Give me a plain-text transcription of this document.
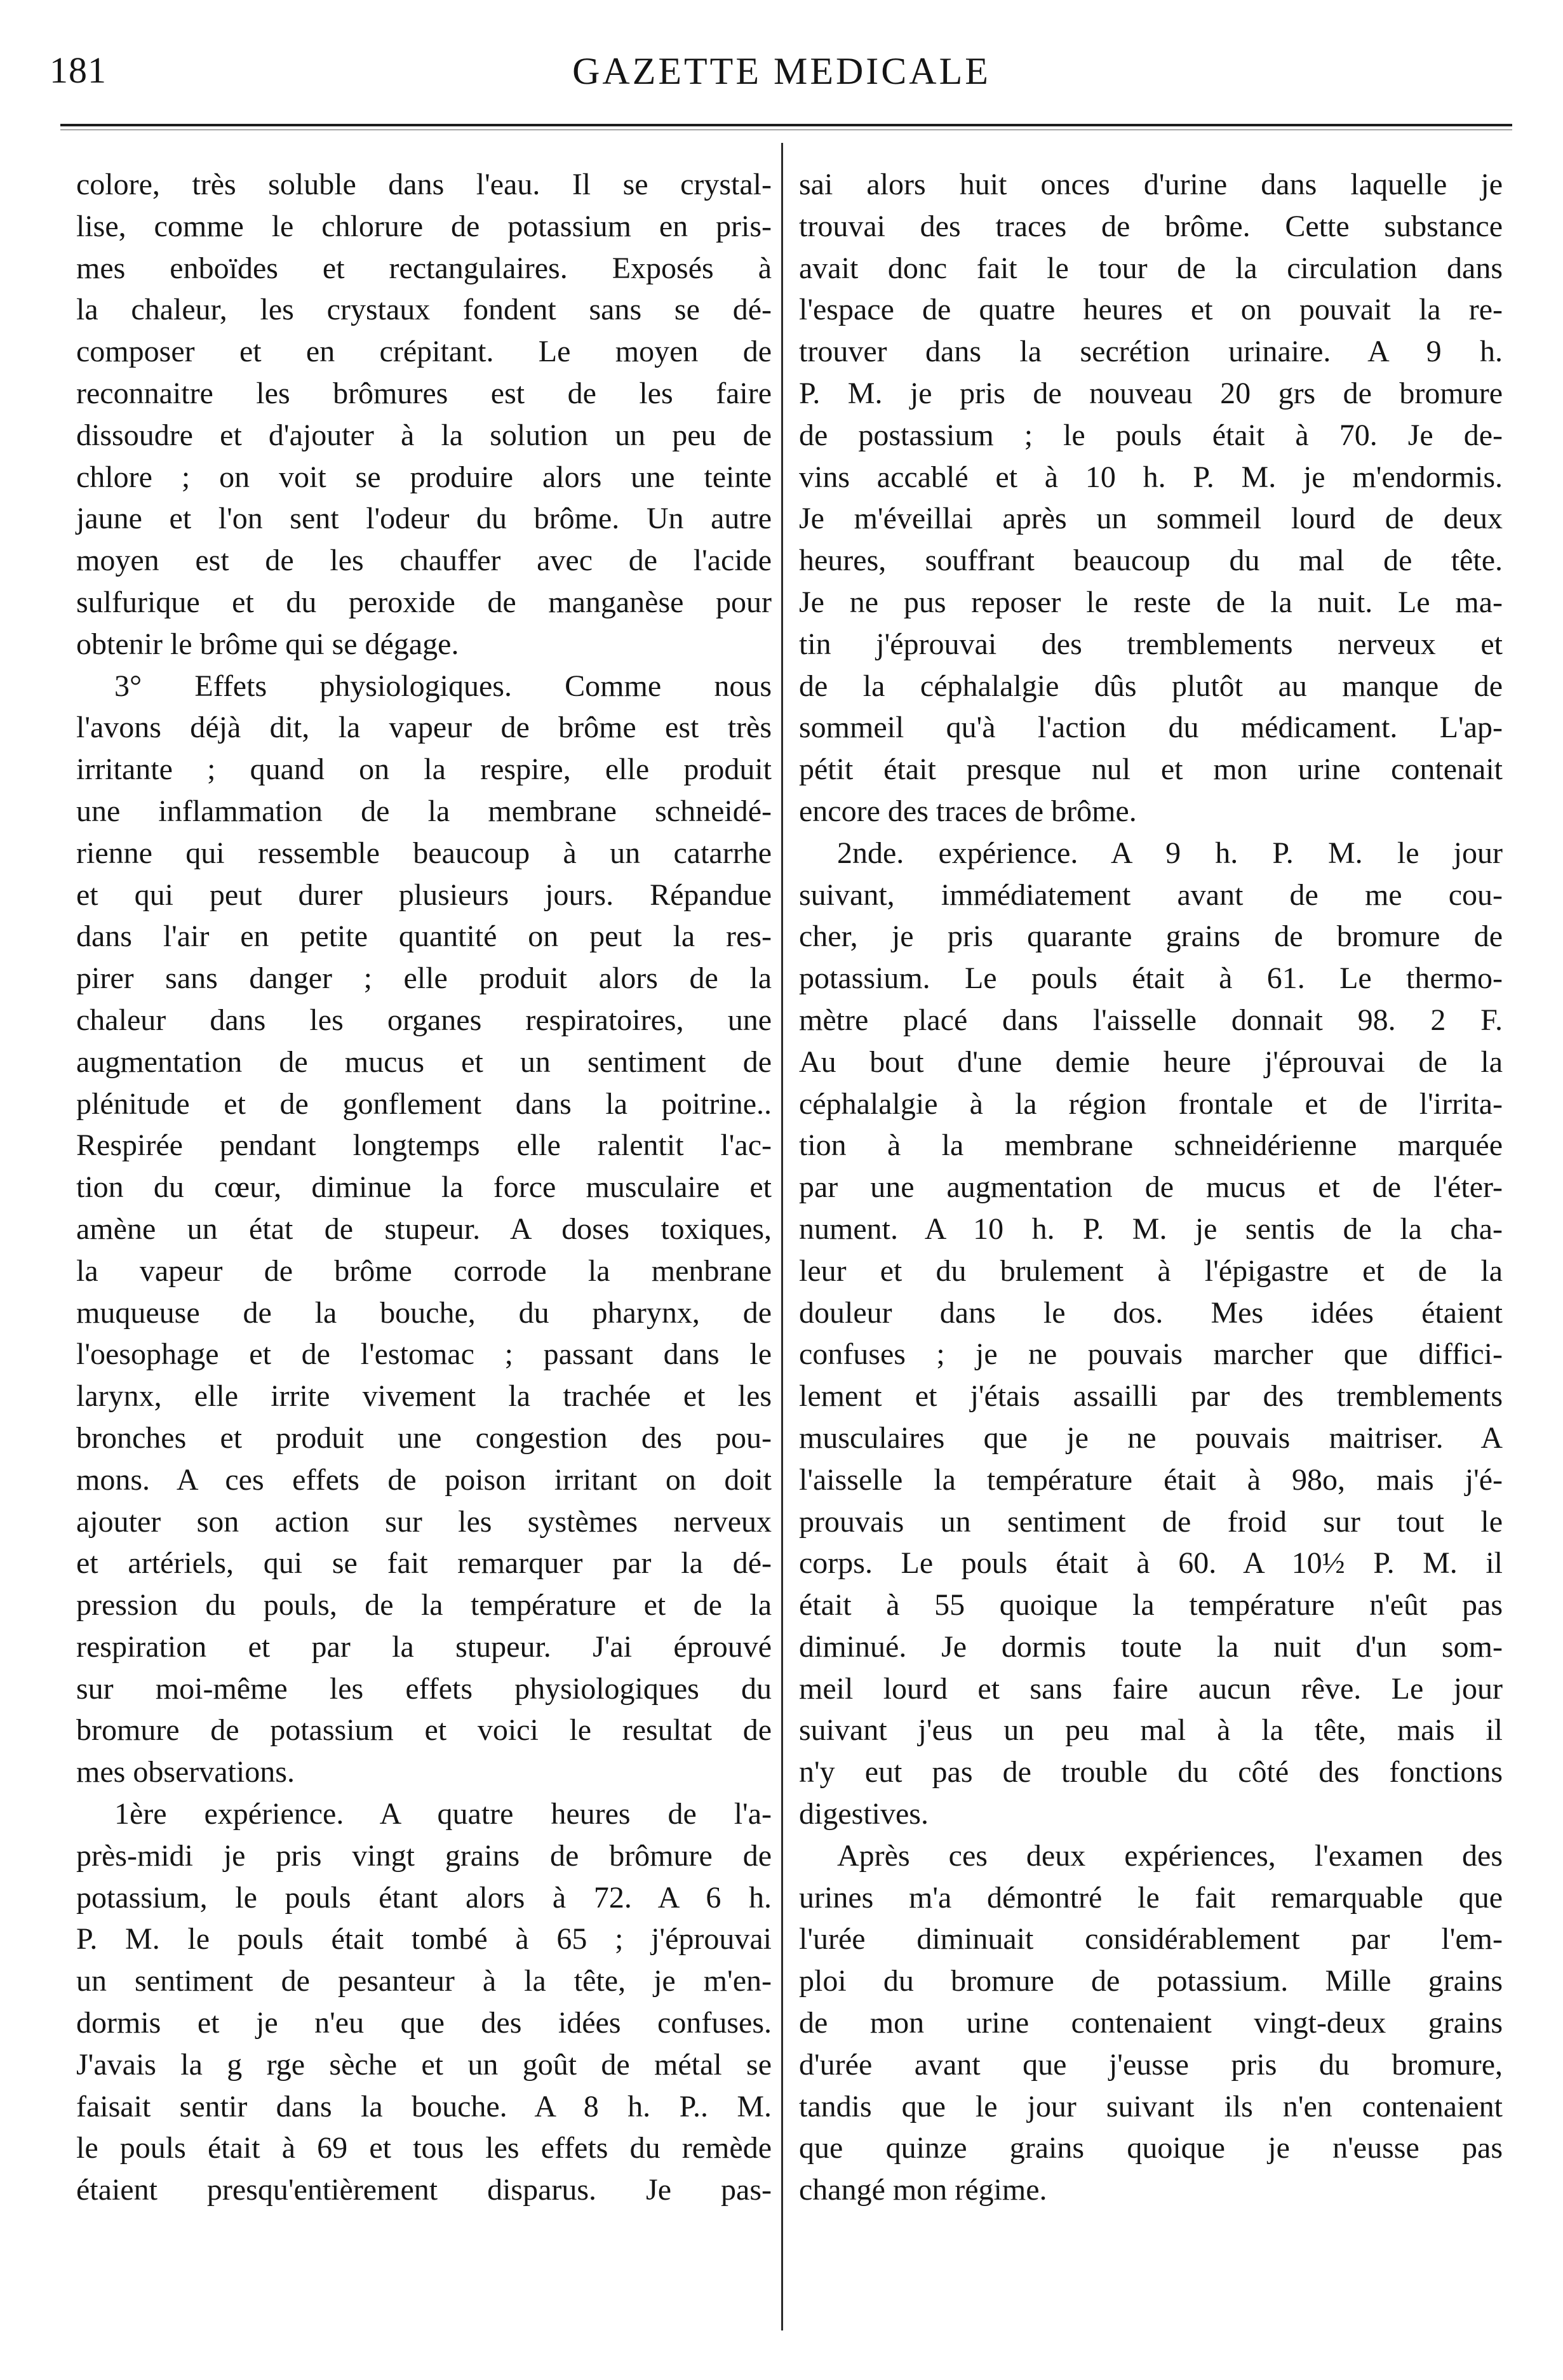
181	GAZETTE MEDICALE
colore, très soluble dans l'eau. Il se crystal-
lise, comme le chlorure de potassium en pris-
mes enboïdes et rectangulaires. Exposés à
la chaleur, les crystaux fondent sans se dé-
composer et en crépitant. Le moyen de
reconnaitre les brômures est de les faire
dissoudre et d'ajouter à la solution un peu de
chlore ; on voit se produire alors une teinte
jaune et l'on sent l'odeur du brôme. Un autre
moyen est de les chauffer avec de l'acide
sulfurique et du peroxide de manganèse pour
obtenir le brôme qui se dégage.
3° Effets physiologiques. Comme nous
l'avons déjà dit, la vapeur de brôme est très
irritante ; quand on la respire, elle produit
une inflammation de la membrane schneidé-
rienne qui ressemble beaucoup à un catarrhe
et qui peut durer plusieurs jours. Répandue
dans l'air en petite quantité on peut la res-
pirer sans danger ; elle produit alors de la
chaleur dans les organes respiratoires, une
augmentation de mucus et un sentiment de
plénitude et de gonflement dans la poitrine..
Respirée pendant longtemps elle ralentit l'ac-
tion du cœur, diminue la force musculaire et
amène un état de stupeur. A doses toxiques,
la vapeur de brôme corrode la menbrane
muqueuse de la bouche, du pharynx, de
l'oesophage et de l'estomac ; passant dans le
larynx, elle irrite vivement la trachée et les
bronches et produit une congestion des pou-
mons. A ces effets de poison irritant on doit
ajouter son action sur les systèmes nerveux
et artériels, qui se fait remarquer par la dé-
pression du pouls, de la température et de la
respiration et par la stupeur. J'ai éprouvé
sur moi-même les effets physiologiques du
bromure de potassium et voici le resultat de
mes observations.
1ère expérience. A quatre heures de l'a-
près-midi je pris vingt grains de brômure de
potassium, le pouls étant alors à 72. A 6 h.
P. M. le pouls était tombé à 65 ; j'éprouvai
un sentiment de pesanteur à la tête, je m'en-
dormis et je n'eu que des idées confuses.
J'avais la g rge sèche et un goût de métal se
faisait sentir dans la bouche. A 8 h. P.. M.
le pouls était à 69 et tous les effets du remède
étaient presqu'entièrement disparus. Je pas-
sai alors huit onces d'urine dans laquelle je
trouvai des traces de brôme. Cette substance
avait donc fait le tour de la circulation dans
l'espace de quatre heures et on pouvait la re-
trouver dans la secrétion urinaire. A 9 h.
P. M. je pris de nouveau 20 grs de bromure
de postassium ; le pouls était à 70. Je de-
vins accablé et à 10 h. P. M. je m'endormis.
Je m'éveillai après un sommeil lourd de deux
heures, souffrant beaucoup du mal de tête.
Je ne pus reposer le reste de la nuit. Le ma-
tin j'éprouvai des tremblements nerveux et
de la céphalalgie dûs plutôt au manque de
sommeil qu'à l'action du médicament. L'ap-
pétit était presque nul et mon urine contenait
encore des traces de brôme.
2nde. expérience. A 9 h. P. M. le jour
suivant, immédiatement avant de me cou-
cher, je pris quarante grains de bromure de
potassium. Le pouls était à 61. Le thermo-
mètre placé dans l'aisselle donnait 98. 2 F.
Au bout d'une demie heure j'éprouvai de la
céphalalgie à la région frontale et de l'irrita-
tion à la membrane schneidérienne marquée
par une augmentation de mucus et de l'éter-
nument. A 10 h. P. M. je sentis de la cha-
leur et du brulement à l'épigastre et de la
douleur dans le dos. Mes idées étaient
confuses ; je ne pouvais marcher que diffici-
lement et j'étais assailli par des tremblements
musculaires que je ne pouvais maitriser. A
l'aisselle la température était à 98o, mais j'é-
prouvais un sentiment de froid sur tout le
corps. Le pouls était à 60. A 10½ P. M. il
était à 55 quoique la température n'eût pas
diminué. Je dormis toute la nuit d'un som-
meil lourd et sans faire aucun rêve. Le jour
suivant j'eus un peu mal à la tête, mais il
n'y eut pas de trouble du côté des fonctions
digestives.
Après ces deux expériences, l'examen des
urines m'a démontré le fait remarquable que
l'urée diminuait considérablement par l'em-
ploi du bromure de potassium. Mille grains
de mon urine contenaient vingt-deux grains
d'urée avant que j'eusse pris du bromure,
tandis que le jour suivant ils n'en contenaient
que quinze grains quoique je n'eusse pas
changé mon régime.
